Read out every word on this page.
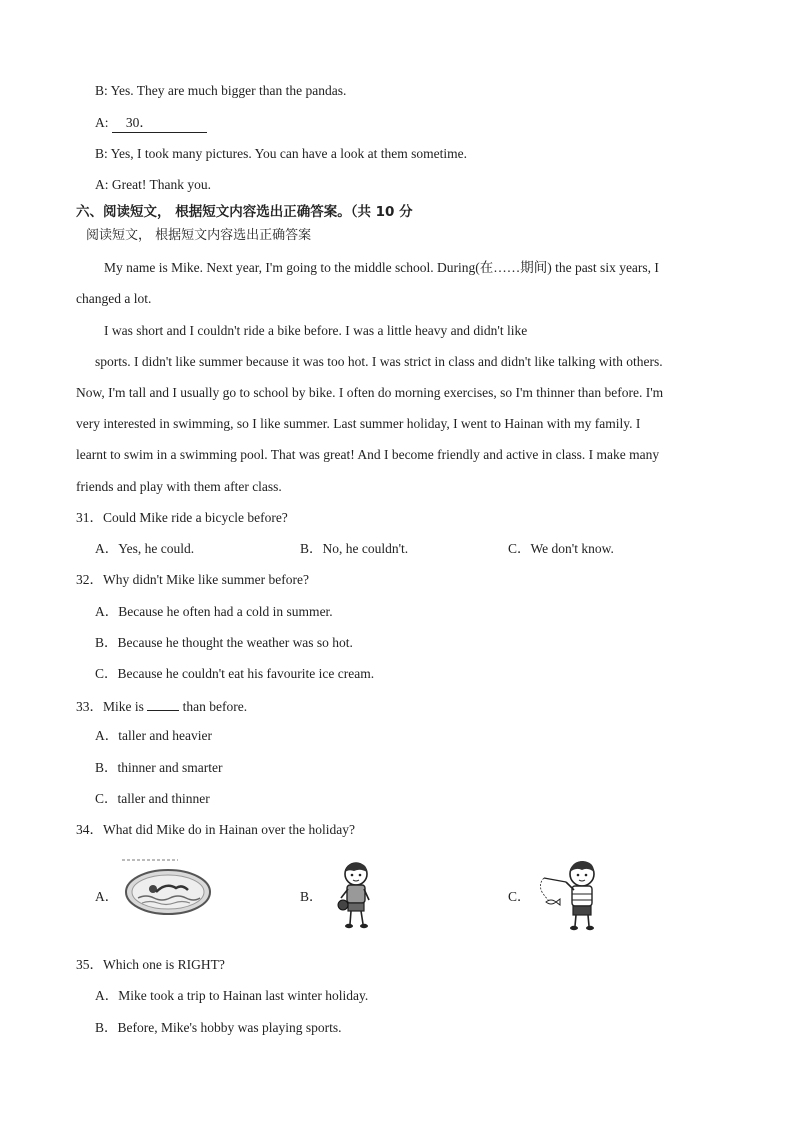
B: Yes. They are much bigger than the pandas.
A: 30．
B: Yes, I took many pictures. You can have a look at them sometime.
A: Great! Thank you.
六、阅读短文， 根据短文内容选出正确答案。（共 10 分
阅读短文， 根据短文内容选出正确答案
My name is Mike. Next year, I'm going to the middle school. During(在……期间) the past six years, I
changed a lot.
I was short and I couldn't ride a bike before. I was a little heavy and didn't like
sports. I didn't like summer because it was too hot. I was strict in class and didn't like talking with others.
Now, I'm tall and I usually go to school by bike. I often do morning exercises, so I'm thinner than before. I'm
very interested in swimming, so I like summer. Last summer holiday, I went to Hainan with my family. I
learnt to swim in a swimming pool. That was great! And I become friendly and active in class. I make many
friends and play with them after class.
31．Could Mike ride a bicycle before?
A．Yes, he could.	B．No, he couldn't.	C．We don't know.
32．Why didn't Mike like summer before?
A．Because he often had a cold in summer.
B．Because he thought the weather was so hot.
C．Because he couldn't eat his favourite ice cream.
33．Mike is  than before.
A．taller and heavier
B．thinner and smarter
C．taller and thinner
34．What did Mike do in Hainan over the holiday?
A．	B．	C．
35．Which one is RIGHT?
A．Mike took a trip to Hainan last winter holiday.
B．Before, Mike's hobby was playing sports.
